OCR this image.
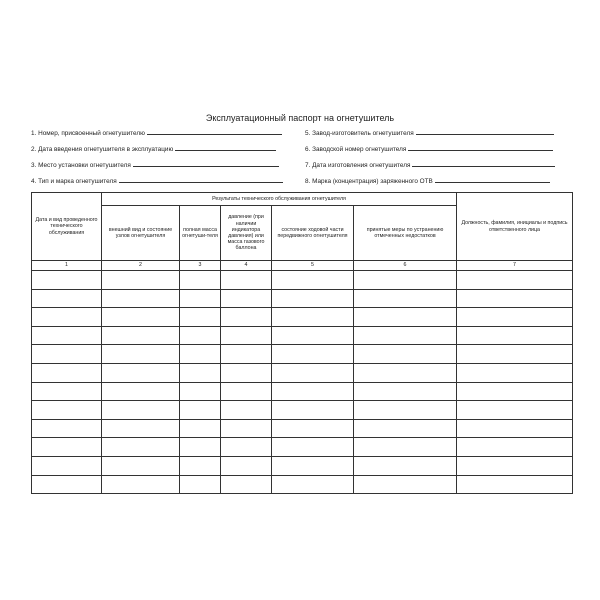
Эксплуатационный паспорт на огнетушитель
1. Номер, присвоенный огнетушителю
2. Дата введения огнетушителя в эксплуатацию
3. Место установки огнетушителя
4. Тип и марка огнетушителя
5. Завод-изготовитель огнетушителя
6. Заводской номер огнетушителя
7. Дата изготовления огнетушителя
8. Марка (концентрация) заряженного ОТВ
Дата и вид проведенного технического обслуживания	Результаты технического обслуживания огнетушителя					Должность, фамилия, инициалы и подпись ответственного лица
	внешний вид и состояние узлов огнетушителя	полная масса огнетуши-теля	давление (при наличии индикатора давления) или масса газового баллона	состояние ходовой части передвижного огнетушителя	принятые меры по устранению отмеченных недостатков	
1	2	3	4	5	6	7
